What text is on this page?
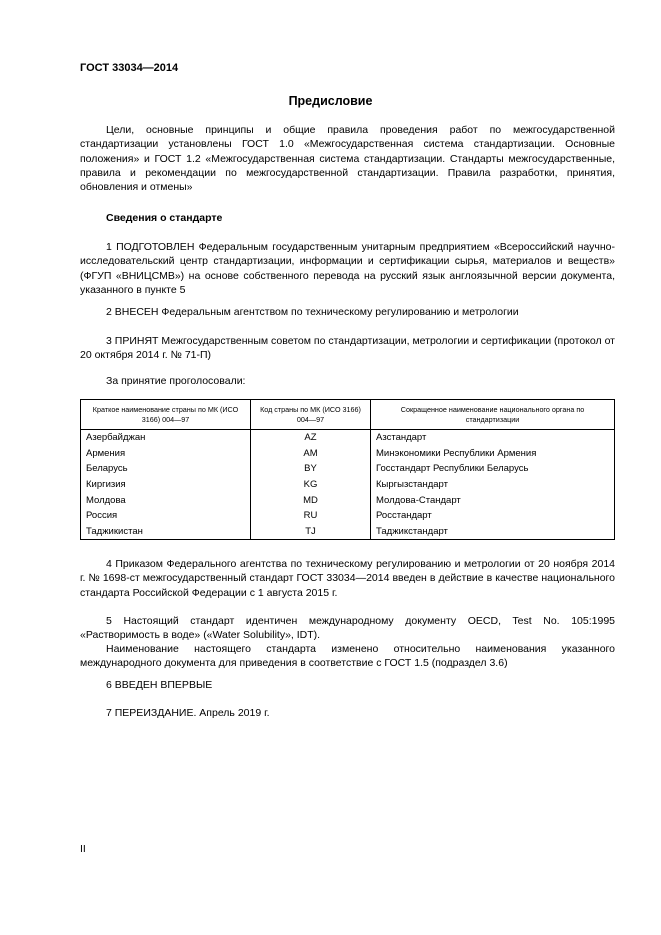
ГОСТ 33034—2014
Предисловие

Цели, основные принципы и общие правила проведения работ по межгосударственной стандартизации установлены ГОСТ 1.0 «Межгосударственная система стандартизации. Основные положения» и ГОСТ 1.2 «Межгосударственная система стандартизации. Стандарты межгосударственные, правила и рекомендации по межгосударственной стандартизации. Правила разработки, принятия, обновления и отмены»

Сведения о стандарте

1 ПОДГОТОВЛЕН Федеральным государственным унитарным предприятием «Всероссийский научно-исследовательский центр стандартизации, информации и сертификации сырья, материалов и веществ» (ФГУП «ВНИЦСМВ») на основе собственного перевода на русский язык англоязычной версии документа, указанного в пункте 5

2 ВНЕСЕН Федеральным агентством по техническому регулированию и метрологии

3 ПРИНЯТ Межгосударственным советом по стандартизации, метрологии и сертификации (протокол от 20 октября 2014 г. № 71-П)

За принятие проголосовали:

Краткое наименование страны по МК (ИСО 3166) 004—97	Код страны по МК (ИСО 3166) 004—97	Сокращенное наименование национального органа по стандартизации
Азербайджан	AZ	Азстандарт
Армения	AM	Минэкономики Республики Армения
Беларусь	BY	Госстандарт Республики Беларусь
Киргизия	KG	Кыргызстандарт
Молдова	MD	Молдова-Стандарт
Россия	RU	Росстандарт
Таджикистан	TJ	Таджикстандарт

4 Приказом Федерального агентства по техническому регулированию и метрологии от 20 ноября 2014 г. № 1698-ст межгосударственный стандарт ГОСТ 33034—2014 введен в действие в качестве национального стандарта Российской Федерации с 1 августа 2015 г.

5 Настоящий стандарт идентичен международному документу OECD, Test No. 105:1995 «Растворимость в воде» («Water Solubility», IDT).

Наименование настоящего стандарта изменено относительно наименования указанного международного документа для приведения в соответствие с ГОСТ 1.5 (подраздел 3.6)

6 ВВЕДЕН ВПЕРВЫЕ

7 ПЕРЕИЗДАНИЕ. Апрель 2019 г.

II
